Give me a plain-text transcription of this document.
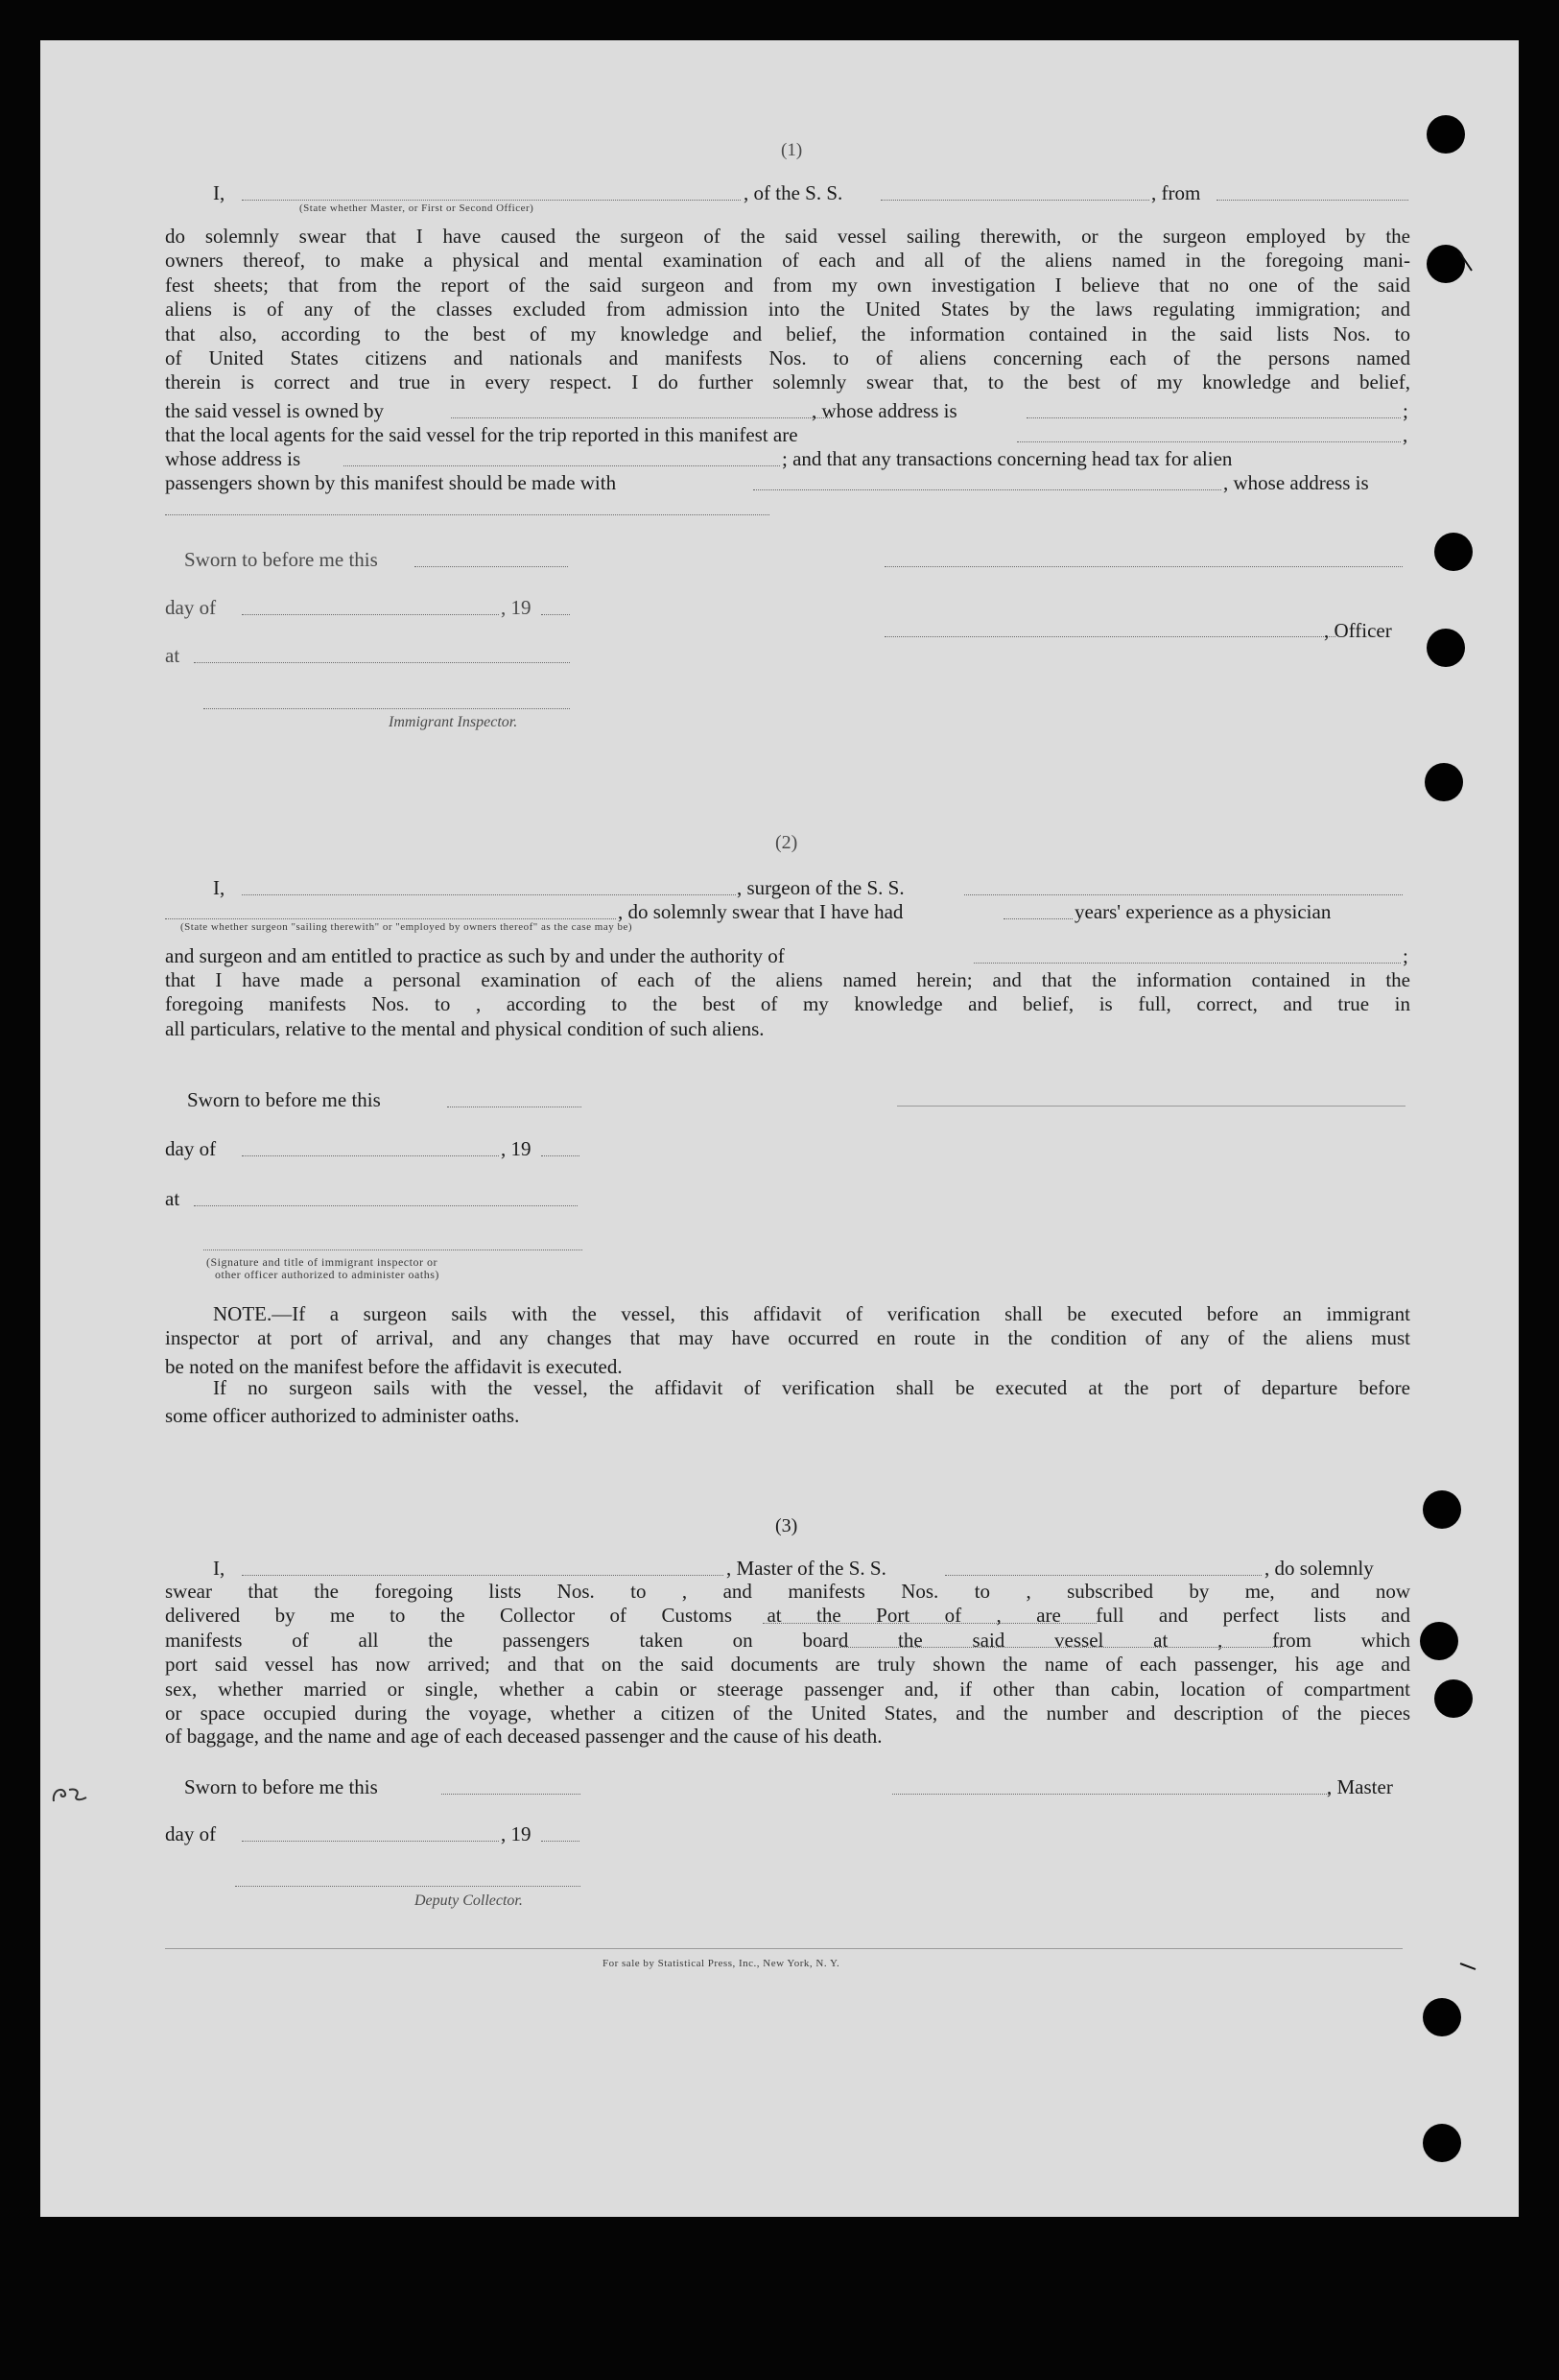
(1)
I,
(State whether Master, or First or Second Officer)
, of the S. S.	, from
do solemnly swear that I have caused the surgeon of the said vessel sailing therewith, or the surgeon employed by the
owners thereof, to make a physical and mental examination of each and all of the aliens named in the foregoing mani-
fest sheets; that from the report of the said surgeon and from my own investigation I believe that no one of the said
aliens is of any of the classes excluded from admission into the United States by the laws regulating immigration; and
that also, according to the best of my knowledge and belief, the information contained in the said lists Nos. to
of United States citizens and nationals and manifests Nos. to of aliens concerning each of the persons named
therein is correct and true in every respect. I do further solemnly swear that, to the best of my knowledge and belief,
the said vessel is owned by	, whose address is	;
that the local agents for the said vessel for the trip reported in this manifest are	,
whose address is	; and that any transactions concerning head tax for alien
passengers shown by this manifest should be made with	, whose address is
Sworn to before me this
day of	, 19
, Officer
at
Immigrant Inspector.
(2)
I,	, surgeon of the S. S.
(State whether surgeon "sailing therewith" or "employed by owners thereof" as the case may be)
, do solemnly swear that I have had	years' experience as a physician
and surgeon and am entitled to practice as such by and under the authority of	;
that I have made a personal examination of each of the aliens named herein; and that the information contained in the
foregoing manifests Nos. to , according to the best of my knowledge and belief, is full, correct, and true in
all particulars, relative to the mental and physical condition of such aliens.
Sworn to before me this
day of	, 19
at
(Signature and title of immigrant inspector or
other officer authorized to administer oaths)
NOTE.—If a surgeon sails with the vessel, this affidavit of verification shall be executed before an immigrant
inspector at port of arrival, and any changes that may have occurred en route in the condition of any of the aliens must
be noted on the manifest before the affidavit is executed.
If no surgeon sails with the vessel, the affidavit of verification shall be executed at the port of departure before
some officer authorized to administer oaths.
(3)
I,	, Master of the S. S.	, do solemnly
swear that the foregoing lists Nos. to , and manifests Nos. to , subscribed by me, and now
delivered by me to the Collector of Customs at the Port of , are full and perfect lists and
manifests of all the passengers taken on board the said vessel at , from which
port said vessel has now arrived; and that on the said documents are truly shown the name of each passenger, his age and
sex, whether married or single, whether a cabin or steerage passenger and, if other than cabin, location of compartment
or space occupied during the voyage, whether a citizen of the United States, and the number and description of the pieces
of baggage, and the name and age of each deceased passenger and the cause of his death.
Sworn to before me this	, Master
day of	, 19
Deputy Collector.
For sale by Statistical Press, Inc., New York, N. Y.
